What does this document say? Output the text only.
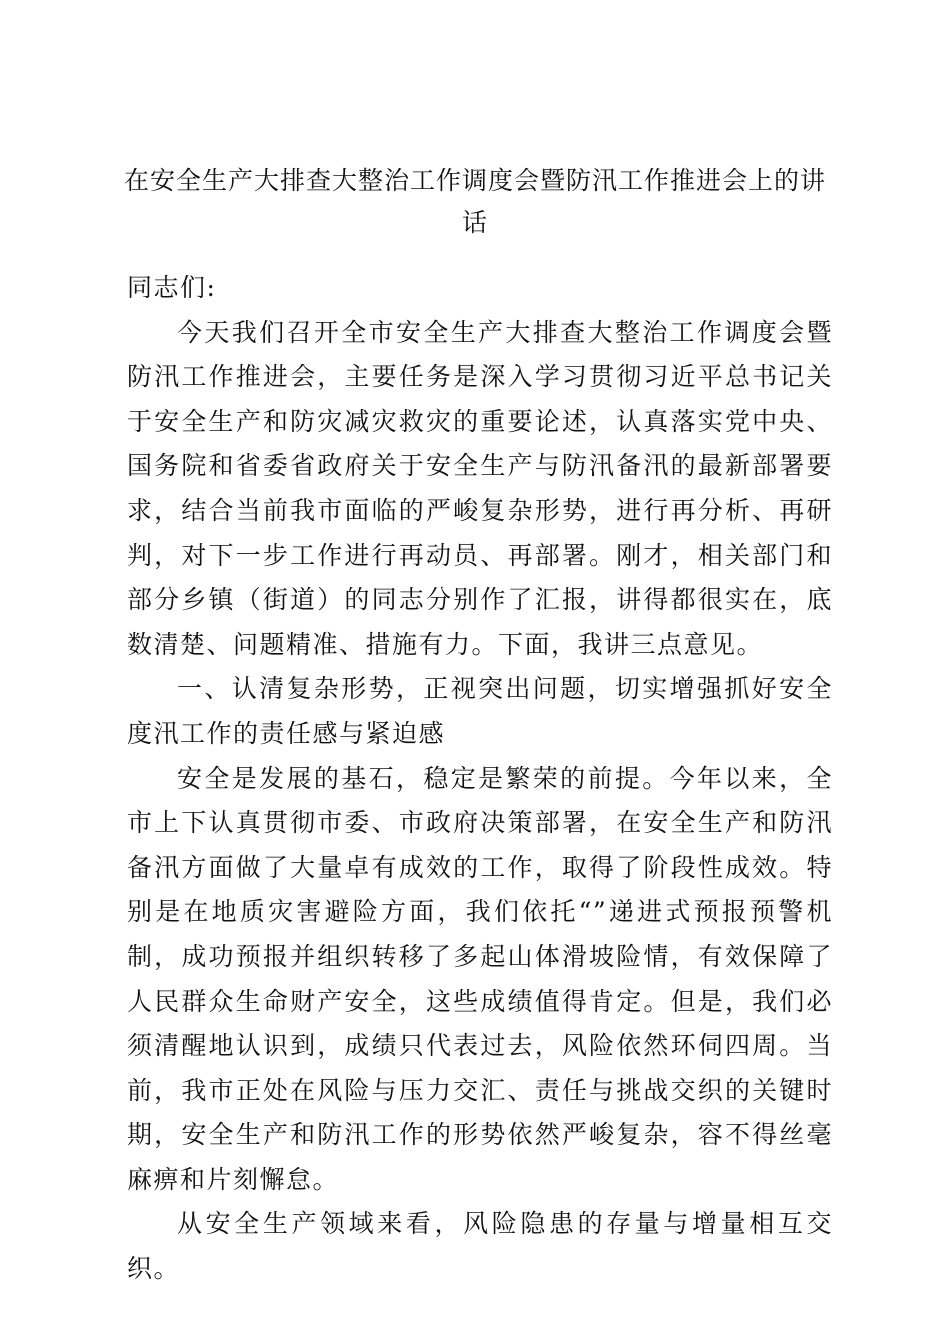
在安全生产大排查大整治工作调度会暨防汛工作推进会上的讲话

同志们:

今天我们召开全市安全生产大排查大整治工作调度会暨防汛工作推进会，主要任务是深入学习贯彻习近平总书记关于安全生产和防灾减灾救灾的重要论述，认真落实党中央、国务院和省委省政府关于安全生产与防汛备汛的最新部署要求，结合当前我市面临的严峻复杂形势，进行再分析、再研判，对下一步工作进行再动员、再部署。刚才，相关部门和部分乡镇（街道）的同志分别作了汇报，讲得都很实在，底数清楚、问题精准、措施有力。下面，我讲三点意见。

一、认清复杂形势，正视突出问题，切实增强抓好安全度汛工作的责任感与紧迫感

安全是发展的基石，稳定是繁荣的前提。今年以来，全市上下认真贯彻市委、市政府决策部署，在安全生产和防汛备汛方面做了大量卓有成效的工作，取得了阶段性成效。特别是在地质灾害避险方面，我们依托“”递进式预报预警机制，成功预报并组织转移了多起山体滑坡险情，有效保障了人民群众生命财产安全，这些成绩值得肯定。但是，我们必须清醒地认识到，成绩只代表过去，风险依然环伺四周。当前，我市正处在风险与压力交汇、责任与挑战交织的关键时期，安全生产和防汛工作的形势依然严峻复杂，容不得丝毫麻痹和片刻懈怠。

从安全生产领域来看，风险隐患的存量与增量相互交织。
